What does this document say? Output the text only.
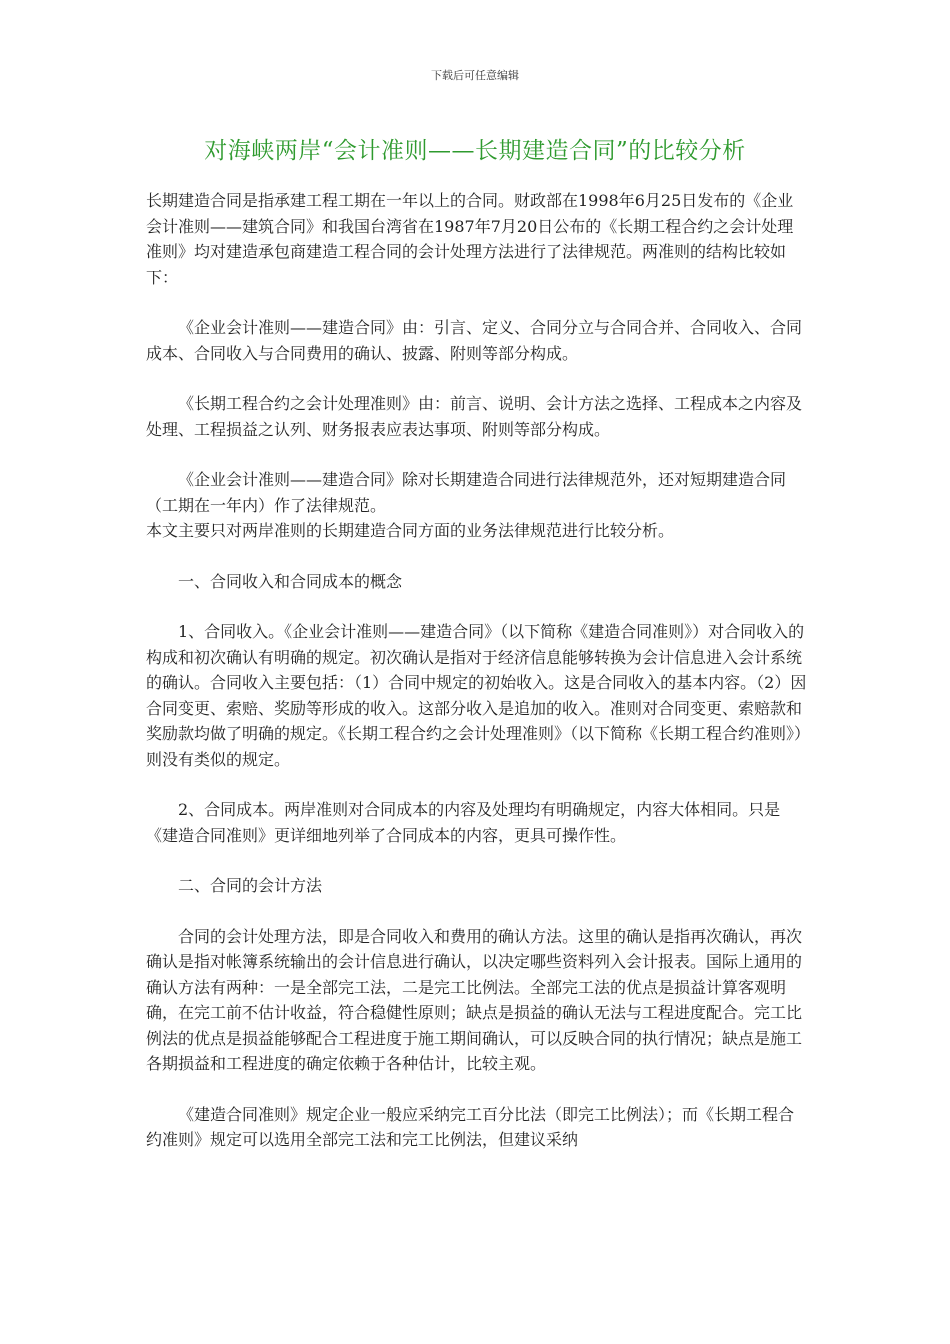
下载后可任意编辑
对海峡两岸“会计准则——长期建造合同”的比较分析

长期建造合同是指承建工程工期在一年以上的合同。财政部在1998年6月25日发布的《企业会计准则——建筑合同》和我国台湾省在1987年7月20日公布的《长期工程合约之会计处理准则》均对建造承包商建造工程合同的会计处理方法进行了法律规范。两准则的结构比较如下：

《企业会计准则——建造合同》由：引言、定义、合同分立与合同合并、合同收入、合同成本、合同收入与合同费用的确认、披露、附则等部分构成。

《长期工程合约之会计处理准则》由：前言、说明、会计方法之选择、工程成本之内容及处理、工程损益之认列、财务报表应表达事项、附则等部分构成。

《企业会计准则——建造合同》除对长期建造合同进行法律规范外，还对短期建造合同（工期在一年内）作了法律规范。

本文主要只对两岸准则的长期建造合同方面的业务法律规范进行比较分析。

一、合同收入和合同成本的概念

1、合同收入。《企业会计准则——建造合同》（以下简称《建造合同准则》）对合同收入的构成和初次确认有明确的规定。初次确认是指对于经济信息能够转换为会计信息进入会计系统的确认。合同收入主要包括：（1）合同中规定的初始收入。这是合同收入的基本内容。（2）因合同变更、索赔、奖励等形成的收入。这部分收入是追加的收入。准则对合同变更、索赔款和奖励款均做了明确的规定。《长期工程合约之会计处理准则》（以下简称《长期工程合约准则》）则没有类似的规定。

2、合同成本。两岸准则对合同成本的内容及处理均有明确规定，内容大体相同。只是《建造合同准则》更详细地列举了合同成本的内容，更具可操作性。

二、合同的会计方法

合同的会计处理方法，即是合同收入和费用的确认方法。这里的确认是指再次确认，再次确认是指对帐簿系统输出的会计信息进行确认，以决定哪些资料列入会计报表。国际上通用的确认方法有两种：一是全部完工法，二是完工比例法。全部完工法的优点是损益计算客观明确，在完工前不估计收益，符合稳健性原则；缺点是损益的确认无法与工程进度配合。完工比例法的优点是损益能够配合工程进度于施工期间确认，可以反映合同的执行情况；缺点是施工各期损益和工程进度的确定依赖于各种估计，比较主观。

《建造合同准则》规定企业一般应采纳完工百分比法（即完工比例法）；而《长期工程合约准则》规定可以选用全部完工法和完工比例法，但建议采纳
